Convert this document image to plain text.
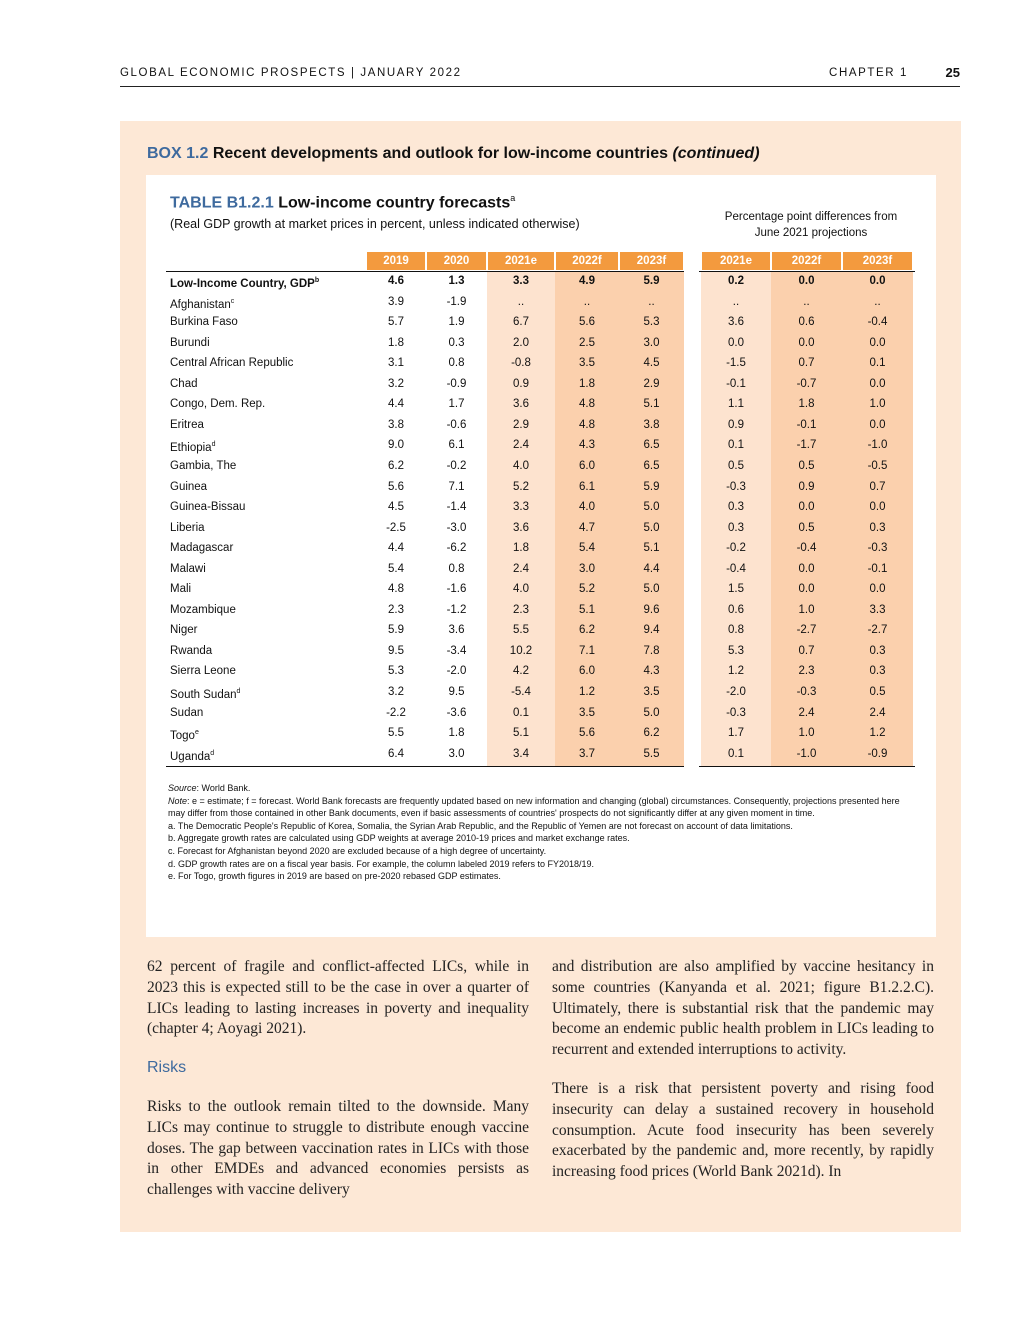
GLOBAL ECONOMIC PROSPECTS | JANUARY 2022	CHAPTER 1	25
BOX 1.2 Recent developments and outlook for low-income countries (continued)
TABLE B1.2.1 Low-income country forecasts$^a$
(Real GDP growth at market prices in percent, unless indicated otherwise)	Percentage point differences from
June 2021 projections
2019	2020	2021e	2022f	2023f	2021e	2022f	2023f
Low-Income Country, GDP$^b$	4.6	1.3	3.3	4.9	5.9	0.2	0.0	0.0
Afghanistan$^c$	3.9	-1.9	..	..	..	..	..	..
Burkina Faso	5.7	1.9	6.7	5.6	5.3	3.6	0.6	-0.4
Burundi	1.8	0.3	2.0	2.5	3.0	0.0	0.0	0.0
Central African Republic	3.1	0.8	-0.8	3.5	4.5	-1.5	0.7	0.1
Chad	3.2	-0.9	0.9	1.8	2.9	-0.1	-0.7	0.0
Congo, Dem. Rep.	4.4	1.7	3.6	4.8	5.1	1.1	1.8	1.0
Eritrea	3.8	-0.6	2.9	4.8	3.8	0.9	-0.1	0.0
Ethiopia$^d$	9.0	6.1	2.4	4.3	6.5	0.1	-1.7	-1.0
Gambia, The	6.2	-0.2	4.0	6.0	6.5	0.5	0.5	-0.5
Guinea	5.6	7.1	5.2	6.1	5.9	-0.3	0.9	0.7
Guinea-Bissau	4.5	-1.4	3.3	4.0	5.0	0.3	0.0	0.0
Liberia	-2.5	-3.0	3.6	4.7	5.0	0.3	0.5	0.3
Madagascar	4.4	-6.2	1.8	5.4	5.1	-0.2	-0.4	-0.3
Malawi	5.4	0.8	2.4	3.0	4.4	-0.4	0.0	-0.1
Mali	4.8	-1.6	4.0	5.2	5.0	1.5	0.0	0.0
Mozambique	2.3	-1.2	2.3	5.1	9.6	0.6	1.0	3.3
Niger	5.9	3.6	5.5	6.2	9.4	0.8	-2.7	-2.7
Rwanda	9.5	-3.4	10.2	7.1	7.8	5.3	0.7	0.3
Sierra Leone	5.3	-2.0	4.2	6.0	4.3	1.2	2.3	0.3
South Sudan$^d$	3.2	9.5	-5.4	1.2	3.5	-2.0	-0.3	0.5
Sudan	-2.2	-3.6	0.1	3.5	5.0	-0.3	2.4	2.4
Togo$^e$	5.5	1.8	5.1	5.6	6.2	1.7	1.0	1.2
Uganda$^d$	6.4	3.0	3.4	3.7	5.5	0.1	-1.0	-0.9

Source: World Bank.

Note: e = estimate; f = forecast. World Bank forecasts are frequently updated based on new information and changing (global) circumstances. Consequently, projections presented here may differ from those contained in other Bank documents, even if basic assessments of countries' prospects do not significantly differ at any given moment in time.

a. The Democratic People's Republic of Korea, Somalia, the Syrian Arab Republic, and the Republic of Yemen are not forecast on account of data limitations.

b. Aggregate growth rates are calculated using GDP weights at average 2010-19 prices and market exchange rates.

c. Forecast for Afghanistan beyond 2020 are excluded because of a high degree of uncertainty.

d. GDP growth rates are on a fiscal year basis. For example, the column labeled 2019 refers to FY2018/19.

e. For Togo, growth figures in 2019 are based on pre-2020 rebased GDP estimates.

62 percent of fragile and conflict-affected LICs, while in 2023 this is expected still to be the case in over a quarter of LICs leading to lasting increases in poverty and inequality (chapter 4; Aoyagi 2021).

Risks

Risks to the outlook remain tilted to the downside. Many LICs may continue to struggle to distribute enough vaccine doses. The gap between vaccination rates in LICs with those in other EMDEs and advanced economies persists as challenges with vaccine delivery

and distribution are also amplified by vaccine hesitancy in some countries (Kanyanda et al. 2021; figure B1.2.2.C). Ultimately, there is substantial risk that the pandemic may become an endemic public health problem in LICs leading to recurrent and extended interruptions to activity.

There is a risk that persistent poverty and rising food insecurity can delay a sustained recovery in household consumption. Acute food insecurity has been severely exacerbated by the pandemic and, more recently, by rapidly increasing food prices (World Bank 2021d). In
